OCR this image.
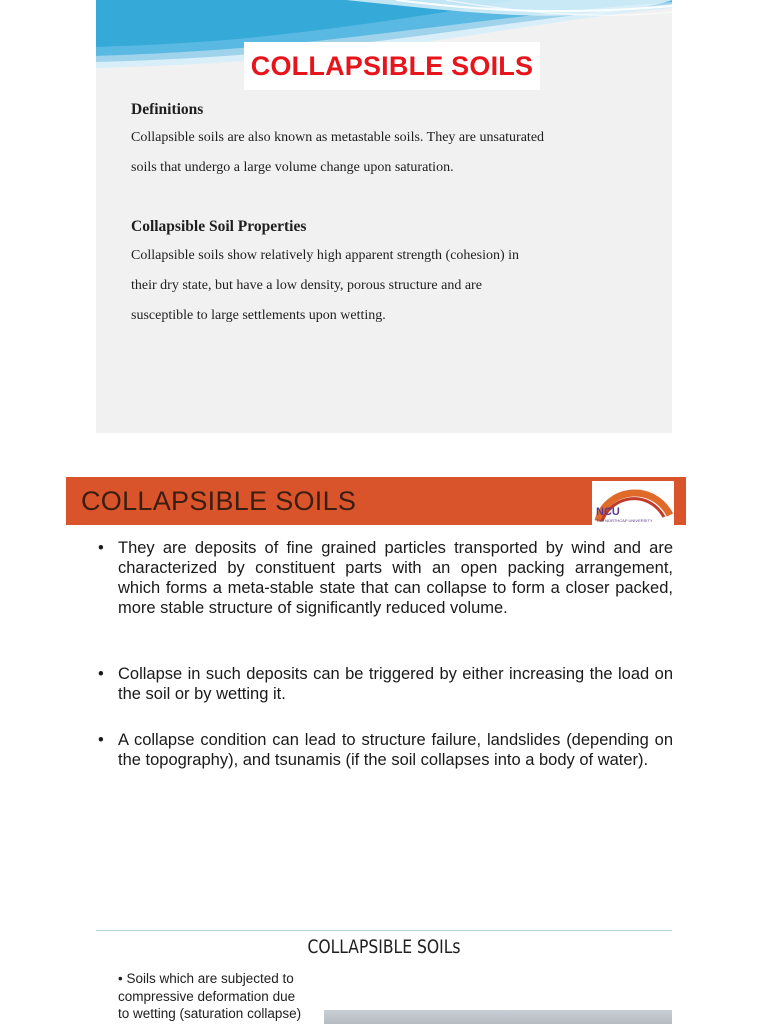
COLLAPSIBLE SOILS
Definitions
Collapsible soils are also known as metastable soils. They are unsaturated
soils that undergo a large volume change upon saturation.
Collapsible Soil Properties
Collapsible soils show relatively high apparent strength (cohesion) in
their dry state, but have a low density, porous structure and are
susceptible to large settlements upon wetting.
COLLAPSIBLE SOILS	NCU
THE NORTHCAP UNIVERSITY
• They are deposits of fine grained particles transported by wind and are characterized by constituent parts with an open packing arrangement, which forms a meta-stable state that can collapse to form a closer packed, more stable structure of significantly reduced volume.
• Collapse in such deposits can be triggered by either increasing the load on the soil or by wetting it.
• A collapse condition can lead to structure failure, landslides (depending on the topography), and tsunamis (if the soil collapses into a body of water).
COLLAPSIBLE SOILs
• Soils which are subjected to
compressive deformation due
to wetting (saturation collapse)
